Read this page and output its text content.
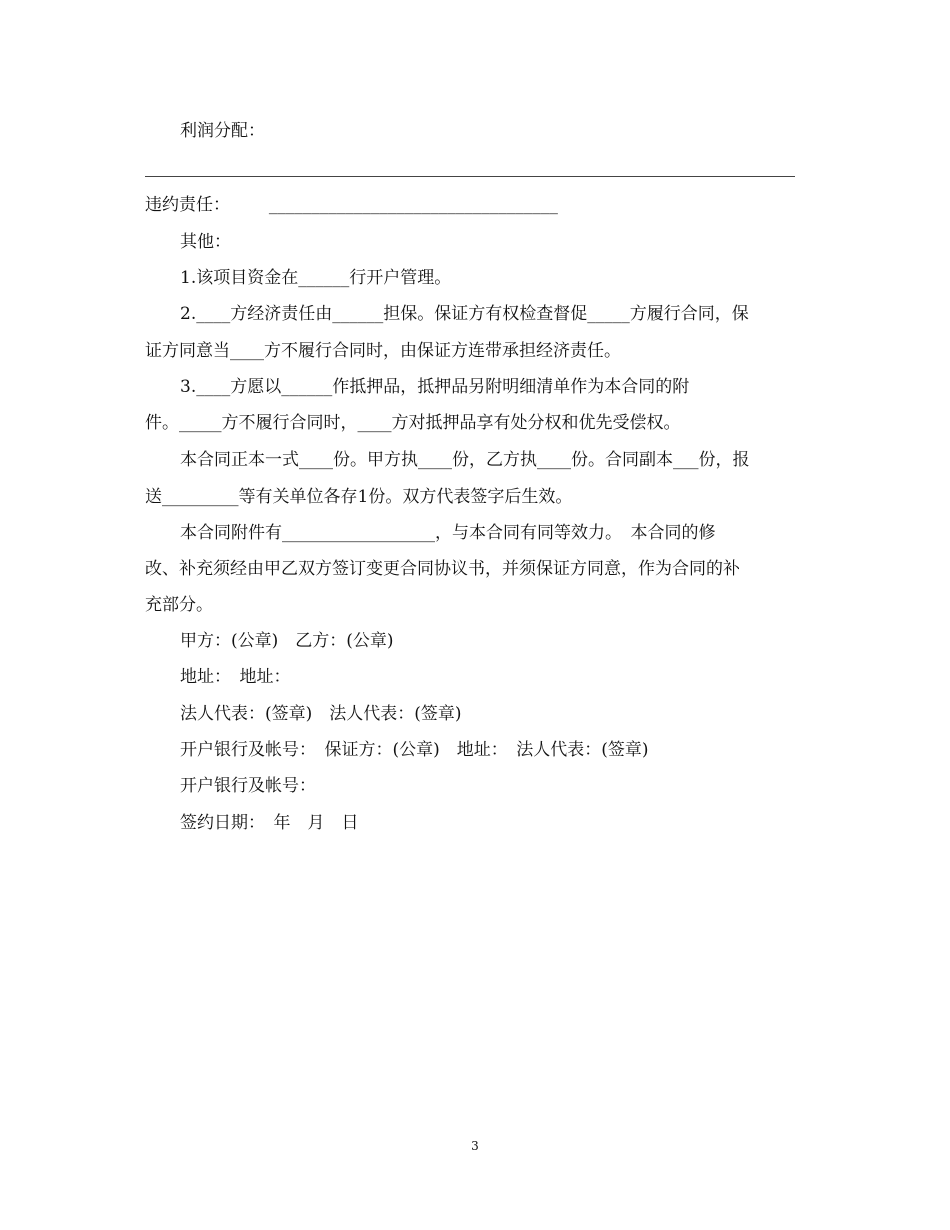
利润分配：
违约责任： __________________________________
其他：
1.该项目资金在______行开户管理。
2.____方经济责任由______担保。保证方有权检查督促_____方履行合同，保
证方同意当____方不履行合同时，由保证方连带承担经济责任。
3.____方愿以______作抵押品，抵押品另附明细清单作为本合同的附
件。_____方不履行合同时，____方对抵押品享有处分权和优先受偿权。
本合同正本一式____份。甲方执____份，乙方执____份。合同副本___份，报
送_________等有关单位各存1份。双方代表签字后生效。
本合同附件有__________________，与本合同有同等效力。　本合同的修
改、补充须经由甲乙双方签订变更合同协议书，并须保证方同意，作为合同的补
充部分。
甲方：(公章)　乙方：(公章)
地址：　地址：
法人代表：(签章)　法人代表：(签章)
开户银行及帐号：　保证方：(公章)　地址：　法人代表：(签章)
开户银行及帐号：
签约日期：　年　月　日
3
